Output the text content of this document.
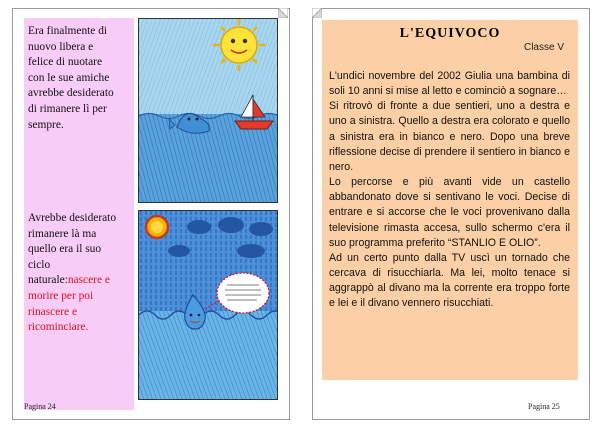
Era finalmente di
nuovo libera e
felice di nuotare
con le sue amiche
avrebbe desiderato
di rimanere lì per
sempre.
Avrebbe desiderato
rimanere là ma
quello era il suo
ciclo
naturale:nascere e
morire per poi
rinascere e
ricominciare.
Pagina 24
L'EQUIVOCO
Classe V

L'undici novembre del 2002 Giulia una bambina di soli 10 anni si mise al letto e cominciò a sognare…

Si ritrovò di fronte a due sentieri, uno a destra e uno a sinistra. Quello a destra era colorato e quello a sinistra era in bianco e nero. Dopo una breve riflessione decise di prendere il sentiero in bianco e nero.

Lo percorse e più avanti vide un castello abbandonato dove si sentivano le voci. Decise di entrare e si accorse che le voci provenivano dalla televisione rimasta accesa, sullo schermo c'era il suo programma preferito “STANLIO E OLIO”.

Ad un certo punto dalla TV uscì un tornado che cercava di risucchiarla. Ma lei, molto tenace si aggrappò al divano ma la corrente era troppo forte e lei e il divano vennero risucchiati.

Pagina 25
